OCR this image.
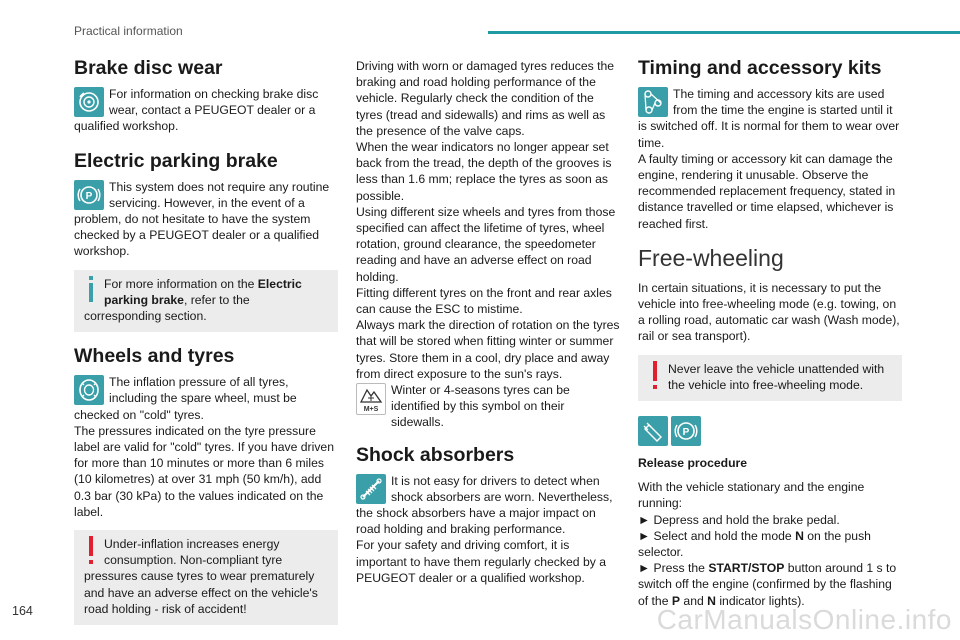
Practical information
Brake disc wear

For information on checking brake disc wear, contact a PEUGEOT dealer or a qualified workshop.

Electric parking brake

P
This system does not require any routine servicing. However, in the event of a problem, do not hesitate to have the system checked by a PEUGEOT dealer or a qualified workshop.

For more information on the Electric parking brake, refer to the corresponding section.

Wheels and tyres

The inflation pressure of all tyres, including the spare wheel, must be checked on "cold" tyres.

The pressures indicated on the tyre pressure label are valid for "cold" tyres. If you have driven for more than 10 minutes or more than 6 miles (10 kilometres) at over 31 mph (50 km/h), add 0.3 bar (30 kPa) to the values indicated on the label.

Under-inflation increases energy consumption. Non-compliant tyre pressures cause tyres to wear prematurely and have an adverse effect on the vehicle's road holding - risk of accident!

Driving with worn or damaged tyres reduces the braking and road holding performance of the vehicle. Regularly check the condition of the tyres (tread and sidewalls) and rims as well as the presence of the valve caps.

When the wear indicators no longer appear set back from the tread, the depth of the grooves is less than 1.6 mm; replace the tyres as soon as possible.

Using different size wheels and tyres from those specified can affect the lifetime of tyres, wheel rotation, ground clearance, the speedometer reading and have an adverse effect on road holding.

Fitting different tyres on the front and rear axles can cause the ESC to mistime.

Always mark the direction of rotation on the tyres that will be stored when fitting winter or summer tyres. Store them in a cool, dry place and away from direct exposure to the sun's rays.

M+S
Winter or 4-seasons tyres can be identified by this symbol on their sidewalls.

Shock absorbers

It is not easy for drivers to detect when shock absorbers are worn. Nevertheless, the shock absorbers have a major impact on road holding and braking performance.

For your safety and driving comfort, it is important to have them regularly checked by a PEUGEOT dealer or a qualified workshop.

Timing and accessory kits

The timing and accessory kits are used from the time the engine is started until it is switched off. It is normal for them to wear over time.

A faulty timing or accessory kit can damage the engine, rendering it unusable. Observe the recommended replacement frequency, stated in distance travelled or time elapsed, whichever is reached first.

Free-wheeling

In certain situations, it is necessary to put the vehicle into free-wheeling mode (e.g. towing, on a rolling road, automatic car wash (Wash mode), rail or sea transport).

Never leave the vehicle unattended with the vehicle into free-wheeling mode.

P

Release procedure

With the vehicle stationary and the engine running:

► Depress and hold the brake pedal.

► Select and hold the mode N on the push selector.

► Press the START/STOP button around 1 s to switch off the engine (confirmed by the flashing of the P and N indicator lights).

164	CarManualsOnline.info
